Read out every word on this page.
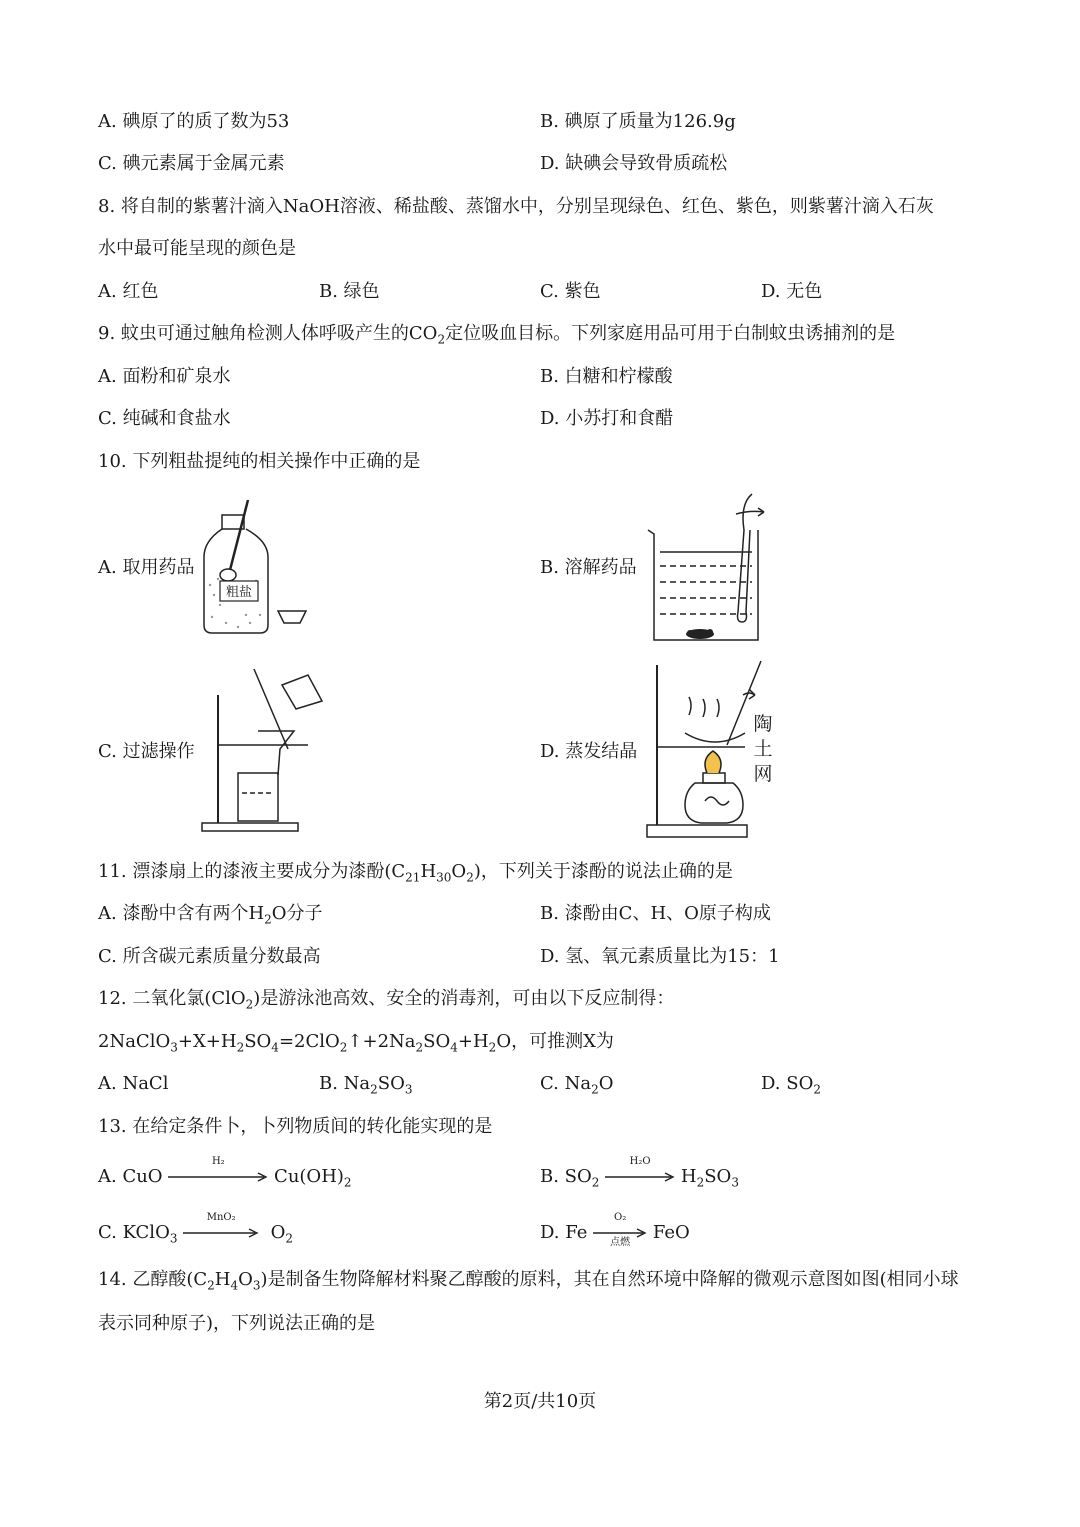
A. 碘原了的质了数为53	B. 碘原了质量为126.9g
C. 碘元素属于金属元素	D. 缺碘会导致骨质疏松
8. 将自制的紫薯汁滴入NaOH溶液、稀盐酸、蒸馏水中，分别呈现绿色、红色、紫色，则紫薯汁滴入石灰
水中最可能呈现的颜色是
A. 红色	B. 绿色	C. 紫色	D. 无色
9. 蚊虫可通过触角检测人体呼吸产生的$CO_2$定位吸血目标。下列家庭用品可用于白制蚊虫诱捕剂的是
A. 面粉和矿泉水	B. 白糖和柠檬酸
C. 纯碱和食盐水	D. 小苏打和食醋
10. 下列粗盐提纯的相关操作中正确的是
A. 取用药品	B. 溶解药品
C. 过滤操作	D. 蒸发结晶
粗盐
陶土网
11. 漂漆扇上的漆液主要成分为漆酚$(C_{21}H_{30}O_2)$，下列关于漆酚的说法止确的是
A. 漆酚中含有两个$H_2O$分子	B. 漆酚由C、H、O原子构成
C. 所含碳元素质量分数最高	D. 氢、氧元素质量比为15：1
12. 二氧化氯(ClO$_2$)是游泳池高效、安全的消毒剂，可由以下反应制得：
$2NaClO_3+X+H_2SO_4=2ClO_2↑+2Na_2SO_4+H_2O$，可推测X为
A. NaCl	B. $Na_2SO_3$	C. $Na_2O$	D. $SO_2$
13. 在给定条件卜，卜列物质间的转化能实现的是
A. CuO
H₂
$Cu(OH)_2$	B. $SO_2$
H₂O
$H_2SO_3$
C. KClO$_3$
MnO₂
$O_2$	D. Fe
O₂
点燃	FeO
14. 乙醇酸$(C_2H_4O_3)$是制备生物降解材料聚乙醇酸的原料，其在自然环境中降解的微观示意图如图(相同小球
表示同种原子)，下列说法正确的是
第2页/共10页
